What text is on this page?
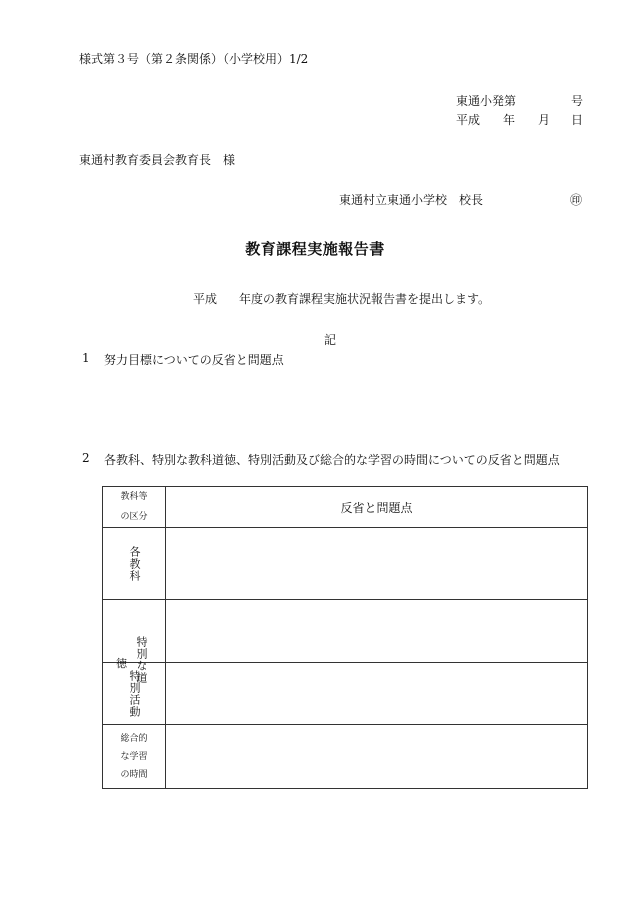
様式第３号（第２条関係）（小学校用）1/2
東通小発第	号
平成 年 月 日
東通村教育委員会教育長　様
東通村立東通小学校　校長	㊞
教育課程実施報告書
平成 年度の教育課程実施状況報告書を提出します。
記
1 努力目標についての反省と問題点
2 各教科、特別な教科道徳、特別活動及び総合的な学習の時間についての反省と問題点
教科等
の区分	反省と問題点

各教科	

特別な道
徳	

特別活動	

総合的
な学習
の時間	
